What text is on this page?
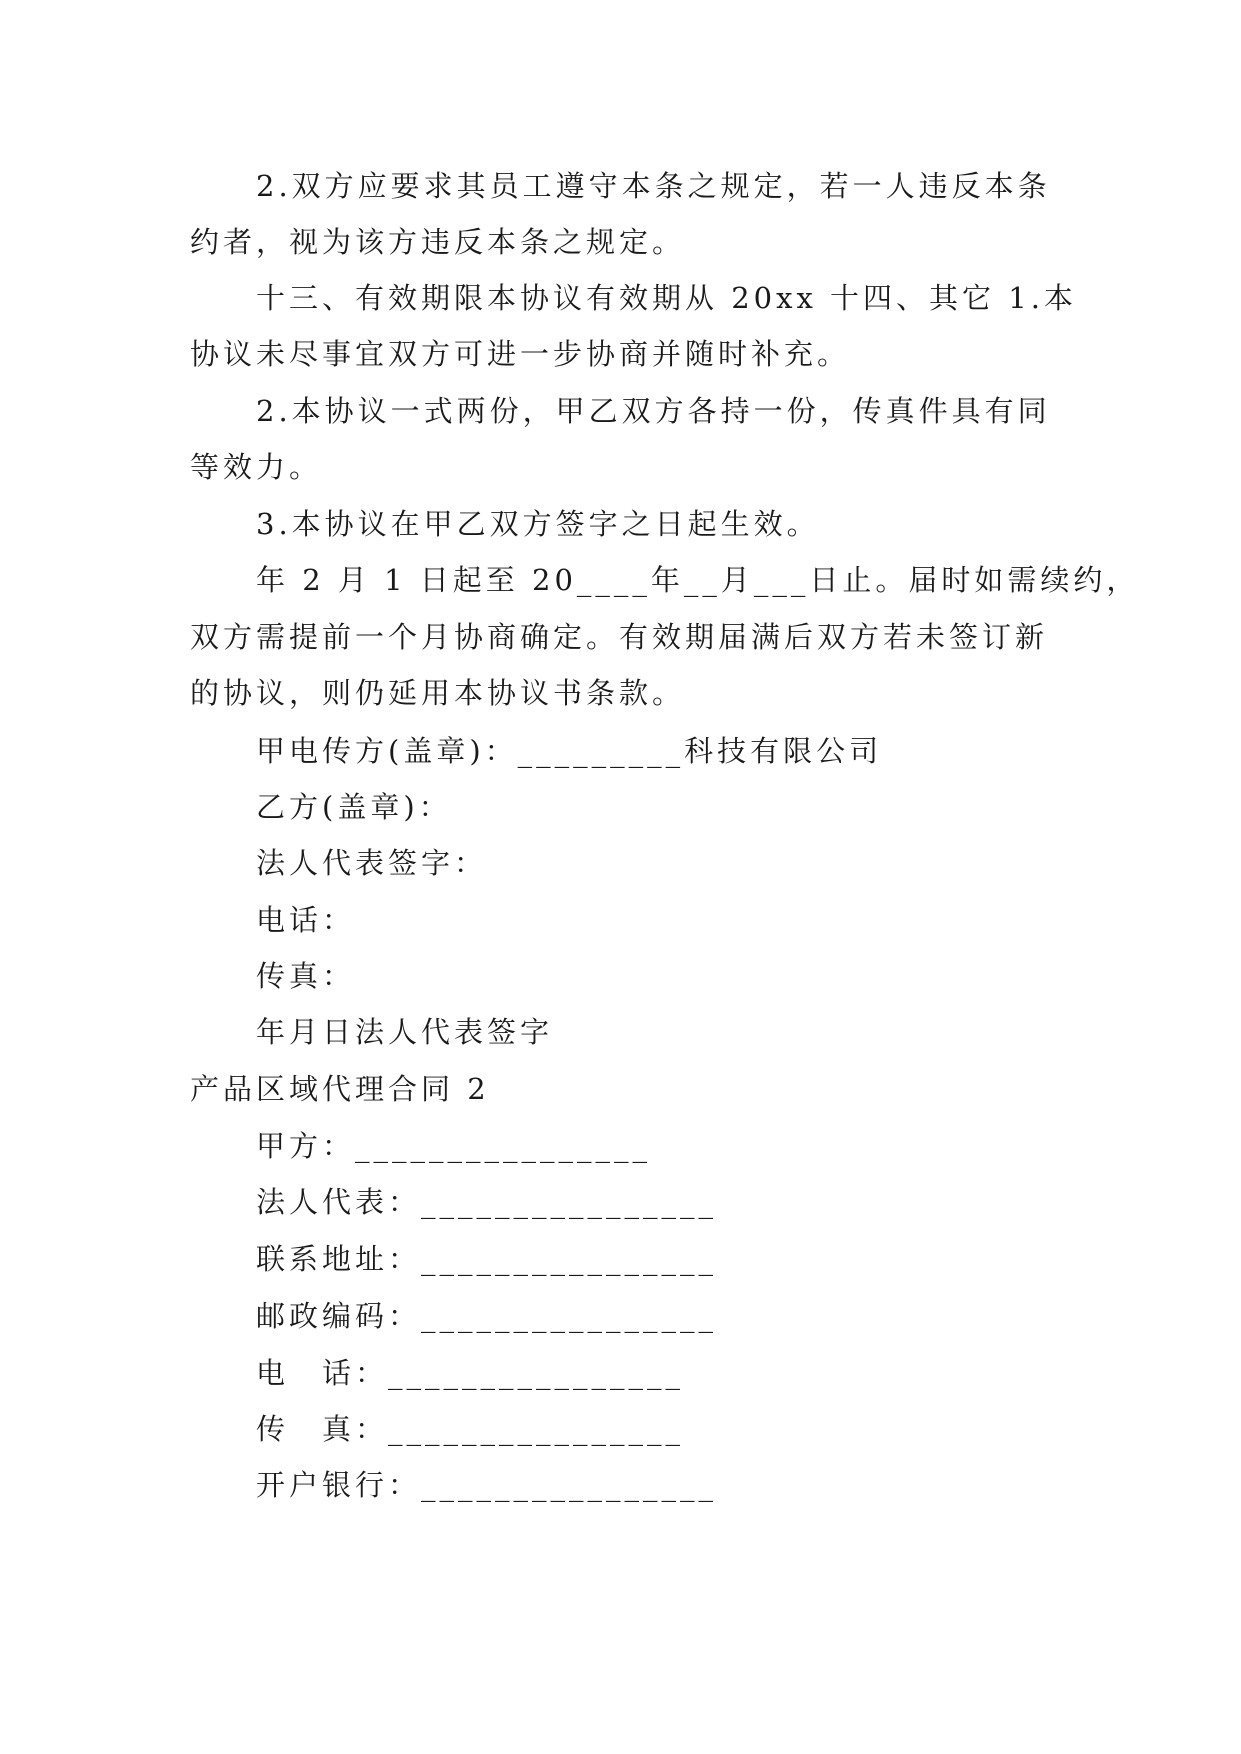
2.双方应要求其员工遵守本条之规定，若一人违反本条
约者，视为该方违反本条之规定。
十三、有效期限本协议有效期从 20xx 十四、其它 1.本
协议未尽事宜双方可进一步协商并随时补充。
2.本协议一式两份，甲乙双方各持一份，传真件具有同
等效力。
3.本协议在甲乙双方签字之日起生效。
年 2 月 1 日起至 20____年__月___日止。届时如需续约，
双方需提前一个月协商确定。有效期届满后双方若未签订新
的协议，则仍延用本协议书条款。
甲电传方(盖章)：_________科技有限公司
乙方(盖章)：
法人代表签字：
电话：
传真：
年月日法人代表签字
产品区域代理合同 2
甲方：________________
法人代表：________________
联系地址：________________
邮政编码：________________
电　话：________________
传　真：________________
开户银行：________________
